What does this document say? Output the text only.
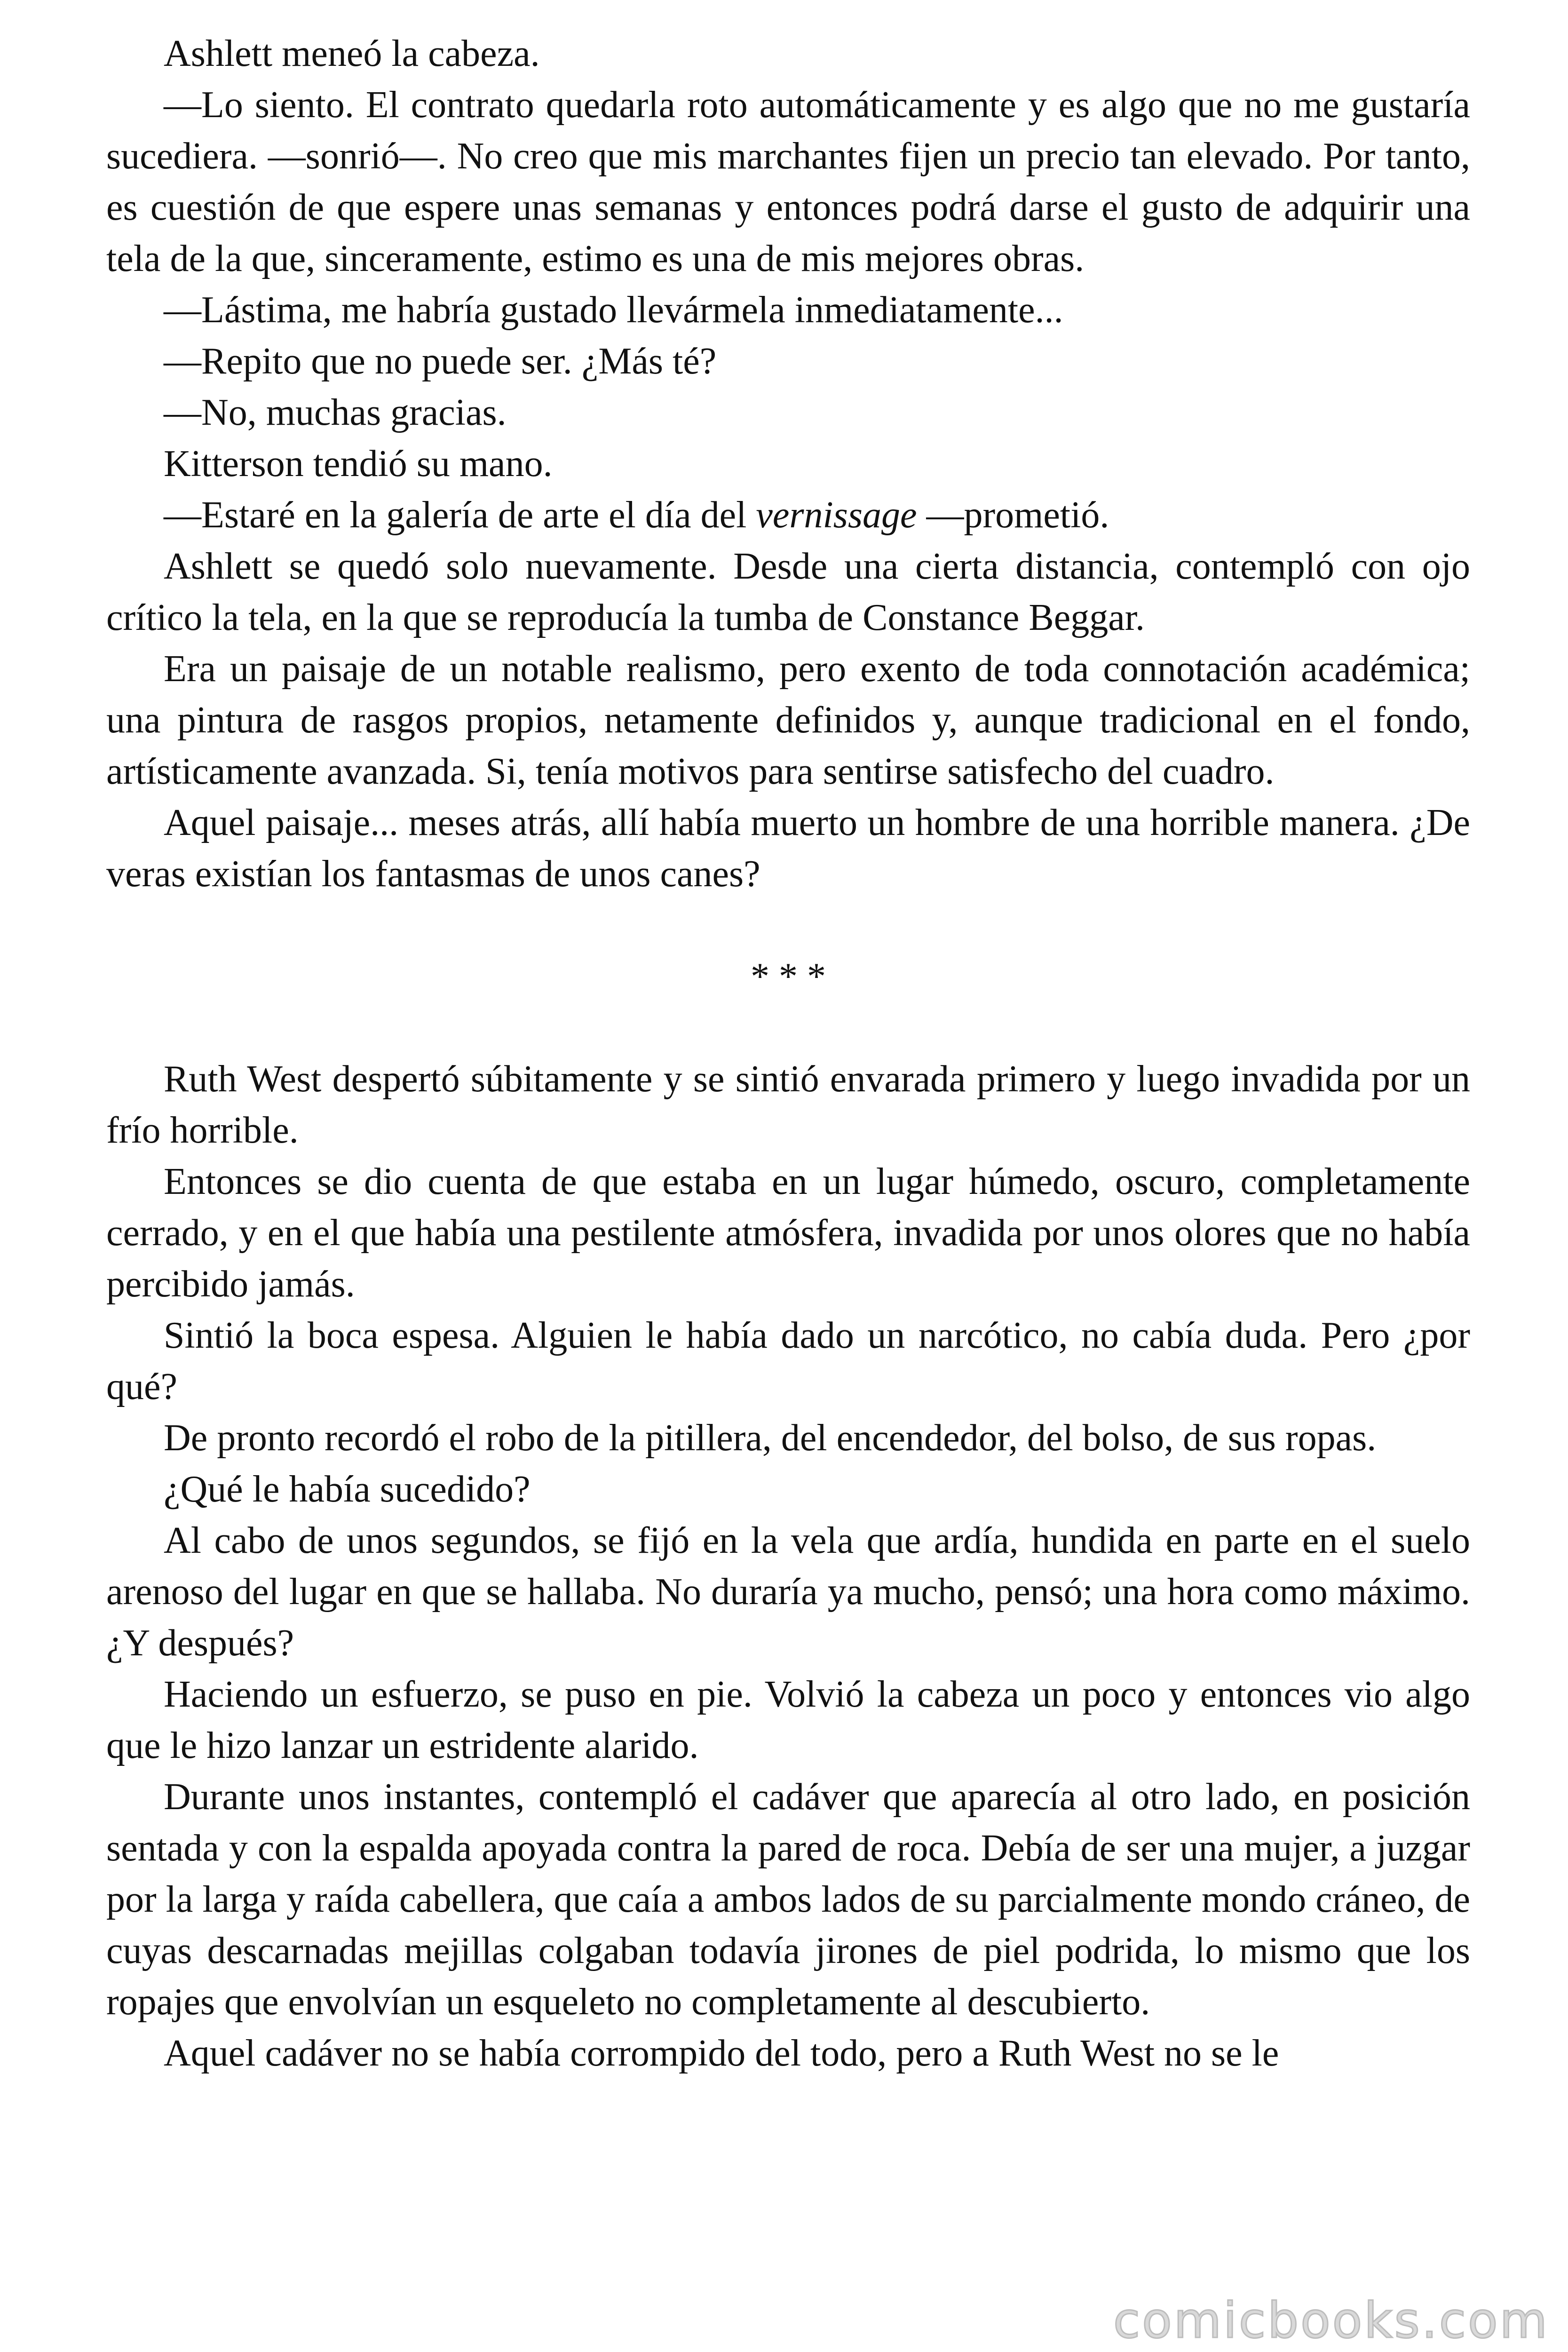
Ashlett meneó la cabeza.

—Lo siento. El contrato quedarla roto automáticamente y es algo que no me gustaría sucediera. —sonrió—. No creo que mis marchantes fijen un precio tan elevado. Por tanto, es cuestión de que espere unas semanas y entonces podrá darse el gusto de adquirir una tela de la que, sinceramente, estimo es una de mis mejores obras.

—Lástima, me habría gustado llevármela inmediatamente...

—Repito que no puede ser. ¿Más té?

—No, muchas gracias.

Kitterson tendió su mano.

—Estaré en la galería de arte el día del vernissage —prometió.

Ashlett se quedó solo nuevamente. Desde una cierta distancia, contempló con ojo crítico la tela, en la que se reproducía la tumba de Constance Beggar.

Era un paisaje de un notable realismo, pero exento de toda connotación académica; una pintura de rasgos propios, netamente definidos y, aunque tradicional en el fondo, artísticamente avanzada. Si, tenía motivos para sentirse satisfecho del cuadro.

Aquel paisaje... meses atrás, allí había muerto un hombre de una horrible manera. ¿De veras existían los fantasmas de unos canes?

* * *

Ruth West despertó súbitamente y se sintió envarada primero y luego invadida por un frío horrible.

Entonces se dio cuenta de que estaba en un lugar húmedo, oscuro, completamente cerrado, y en el que había una pestilente atmósfera, invadida por unos olores que no había percibido jamás.

Sintió la boca espesa. Alguien le había dado un narcótico, no cabía duda. Pero ¿por qué?

De pronto recordó el robo de la pitillera, del encendedor, del bolso, de sus ropas.

¿Qué le había sucedido?

Al cabo de unos segundos, se fijó en la vela que ardía, hundida en parte en el suelo arenoso del lugar en que se hallaba. No duraría ya mucho, pensó; una hora como máximo. ¿Y después?

Haciendo un esfuerzo, se puso en pie. Volvió la cabeza un poco y entonces vio algo que le hizo lanzar un estridente alarido.

Durante unos instantes, contempló el cadáver que aparecía al otro lado, en posición sentada y con la espalda apoyada contra la pared de roca. Debía de ser una mujer, a juzgar por la larga y raída cabellera, que caía a ambos lados de su parcialmente mondo cráneo, de cuyas descarnadas mejillas colgaban todavía jirones de piel podrida, lo mismo que los ropajes que envolvían un esqueleto no completamente al descubierto.

Aquel cadáver no se había corrompido del todo, pero a Ruth West no se le

comicbooks.com
